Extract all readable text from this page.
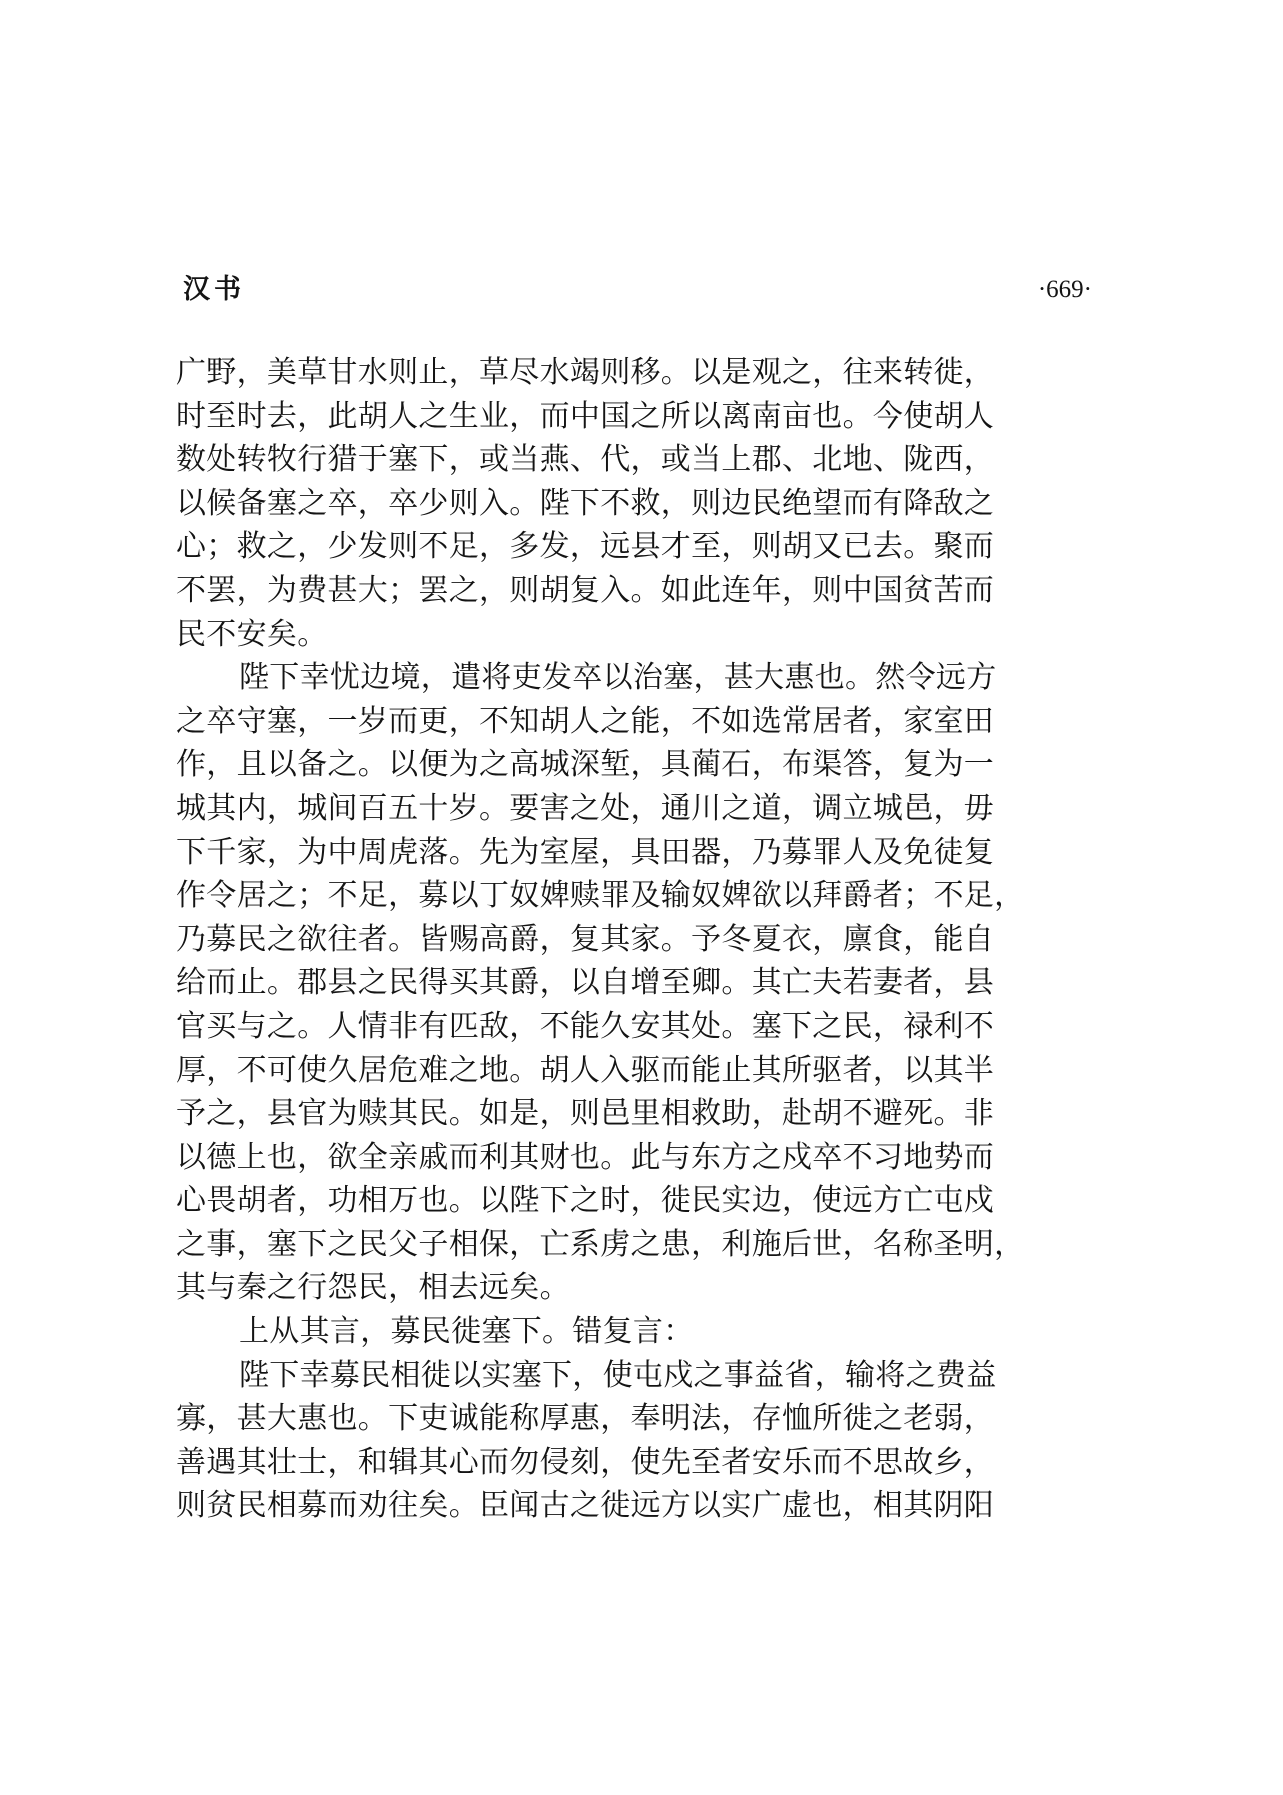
汉书	·669·
广野，美草甘水则止，草尽水竭则移。以是观之，往来转徙，
时至时去，此胡人之生业，而中国之所以离南亩也。今使胡人
数处转牧行猎于塞下，或当燕、代，或当上郡、北地、陇西，
以候备塞之卒，卒少则入。陛下不救，则边民绝望而有降敌之
心；救之，少发则不足，多发，远县才至，则胡又已去。聚而
不罢，为费甚大；罢之，则胡复入。如此连年，则中国贫苦而
民不安矣。
陛下幸忧边境，遣将吏发卒以治塞，甚大惠也。然令远方
之卒守塞，一岁而更，不知胡人之能，不如选常居者，家室田
作，且以备之。以便为之高城深堑，具蔺石，布渠答，复为一
城其内，城间百五十岁。要害之处，通川之道，调立城邑，毋
下千家，为中周虎落。先为室屋，具田器，乃募罪人及免徒复
作令居之；不足，募以丁奴婢赎罪及输奴婢欲以拜爵者；不足，
乃募民之欲往者。皆赐高爵，复其家。予冬夏衣，廪食，能自
给而止。郡县之民得买其爵，以自增至卿。其亡夫若妻者，县
官买与之。人情非有匹敌，不能久安其处。塞下之民，禄利不
厚，不可使久居危难之地。胡人入驱而能止其所驱者，以其半
予之，县官为赎其民。如是，则邑里相救助，赴胡不避死。非
以德上也，欲全亲戚而利其财也。此与东方之戍卒不习地势而
心畏胡者，功相万也。以陛下之时，徙民实边，使远方亡屯戍
之事，塞下之民父子相保，亡系虏之患，利施后世，名称圣明，
其与秦之行怨民，相去远矣。
上从其言，募民徙塞下。错复言：
陛下幸募民相徙以实塞下，使屯戍之事益省，输将之费益
寡，甚大惠也。下吏诚能称厚惠，奉明法，存恤所徙之老弱，
善遇其壮士，和辑其心而勿侵刻，使先至者安乐而不思故乡，
则贫民相募而劝往矣。臣闻古之徙远方以实广虚也，相其阴阳
